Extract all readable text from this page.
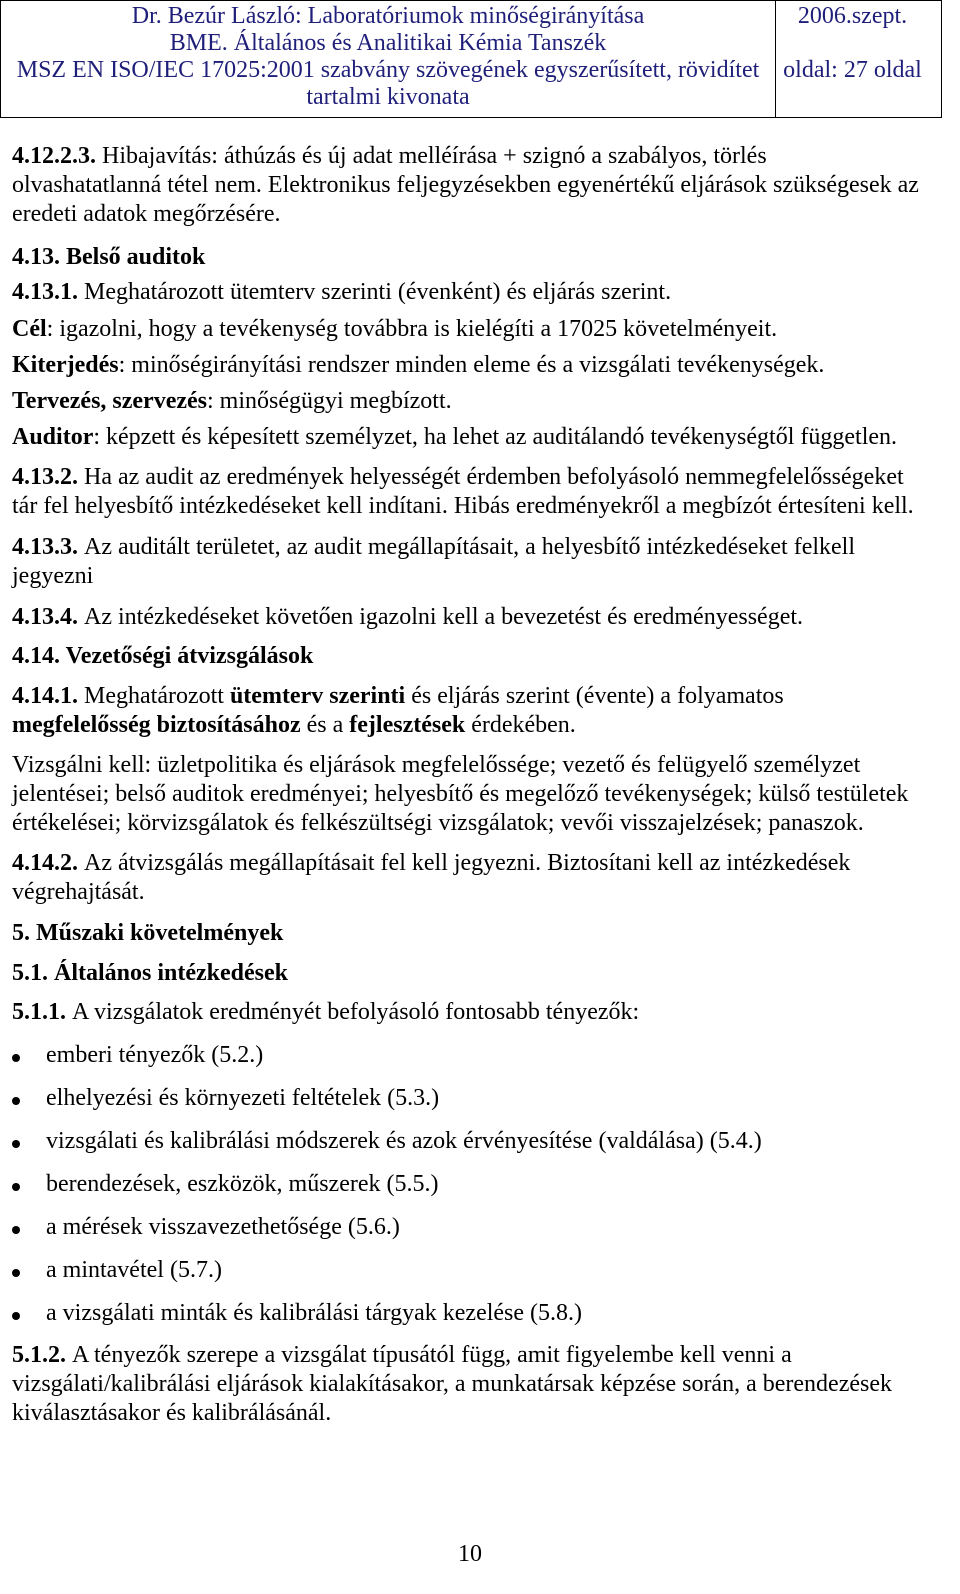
Dr. Bezúr László: Laboratóriumok minőségirányítása
BME. Általános és Analitikai Kémia Tanszék
MSZ EN ISO/IEC 17025:2001 szabvány szövegének egyszerűsített, rövidítet
tartalmi kivonata
2006.szept.
oldal: 27 oldal
4.12.2.3. Hibajavítás: áthúzás és új adat melléírása + szignó a szabályos, törlés
olvashatatlanná tétel nem. Elektronikus feljegyzésekben egyenértékű eljárások szükségesek az
eredeti adatok megőrzésére.
4.13. Belső auditok
4.13.1. Meghatározott ütemterv szerinti (évenként) és eljárás szerint.
Cél: igazolni, hogy a tevékenység továbbra is kielégíti a 17025 követelményeit.
Kiterjedés: minőségirányítási rendszer minden eleme és a vizsgálati tevékenységek.
Tervezés, szervezés: minőségügyi megbízott.
Auditor: képzett és képesített személyzet, ha lehet az auditálandó tevékenységtől független.
4.13.2. Ha az audit az eredmények helyességét érdemben befolyásoló nemmegfelelősségeket
tár fel helyesbítő intézkedéseket kell indítani. Hibás eredményekről a megbízót értesíteni kell.
4.13.3. Az auditált területet, az audit megállapításait, a helyesbítő intézkedéseket felkell
jegyezni
4.13.4. Az intézkedéseket követően igazolni kell a bevezetést és eredményességet.
4.14. Vezetőségi átvizsgálások
4.14.1. Meghatározott ütemterv szerinti és eljárás szerint (évente) a folyamatos
megfelelősség biztosításához és a fejlesztések érdekében.
Vizsgálni kell: üzletpolitika és eljárások megfelelőssége; vezető és felügyelő személyzet
jelentései; belső auditok eredményei; helyesbítő és megelőző tevékenységek; külső testületek
értékelései; körvizsgálatok és felkészültségi vizsgálatok; vevői visszajelzések; panaszok.
4.14.2. Az átvizsgálás megállapításait fel kell jegyezni. Biztosítani kell az intézkedések
végrehajtását.
5. Műszaki követelmények
5.1. Általános intézkedések
5.1.1. A vizsgálatok eredményét befolyásoló fontosabb tényezők:
emberi tényezők (5.2.)
elhelyezési és környezeti feltételek (5.3.)
vizsgálati és kalibrálási módszerek és azok érvényesítése (valdálása) (5.4.)
berendezések, eszközök, műszerek (5.5.)
a mérések visszavezethetősége (5.6.)
a mintavétel (5.7.)
a vizsgálati minták és kalibrálási tárgyak kezelése (5.8.)
5.1.2. A tényezők szerepe a vizsgálat típusától függ, amit figyelembe kell venni a
vizsgálati/kalibrálási eljárások kialakításakor, a munkatársak képzése során, a berendezések
kiválasztásakor és kalibrálásánál.
10
